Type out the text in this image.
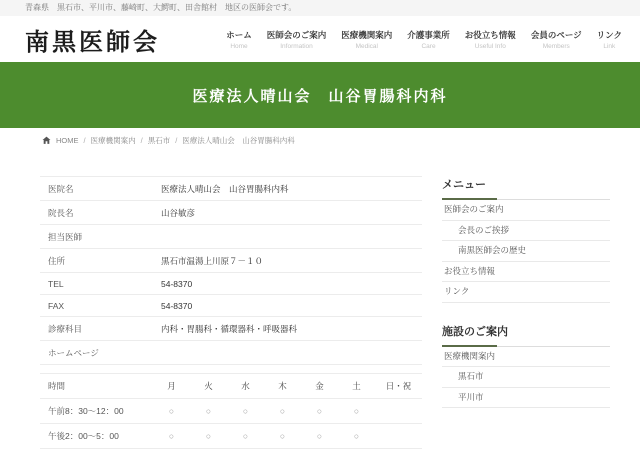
青森県　黒石市、平川市、藤崎町、大鰐町、田舎館村　地区の医師会です。
南黒医師会	ホーム
Home
医師会のご案内
Information
医療機関案内
Medical
介護事業所
Care
お役立ち情報
Useful Info
会員のページ
Members
リンク
Link
医療法人晴山会　山谷胃腸科内科
HOME / 医療機関案内 / 黒石市 / 医療法人晴山会　山谷胃腸科内科
医院名	医療法人晴山会　山谷胃腸科内科
院長名	山谷敏彦
担当医師	
住所	黒石市温湯上川原７－１０
TEL	54-8370
FAX	54-8370
診療科目	内科・胃腸科・循環器科・呼吸器科
ホームページ	
時間	月	火	水	木	金	土	日・祝
午前8：30～12：00	○	○	○	○	○	○	
午後2：00～5：00	○	○	○	○	○	○	
メニュー
医師会のご案内
会長のご挨拶
南黒医師会の歴史
お役立ち情報
リンク
施設のご案内
医療機関案内
黒石市
平川市
